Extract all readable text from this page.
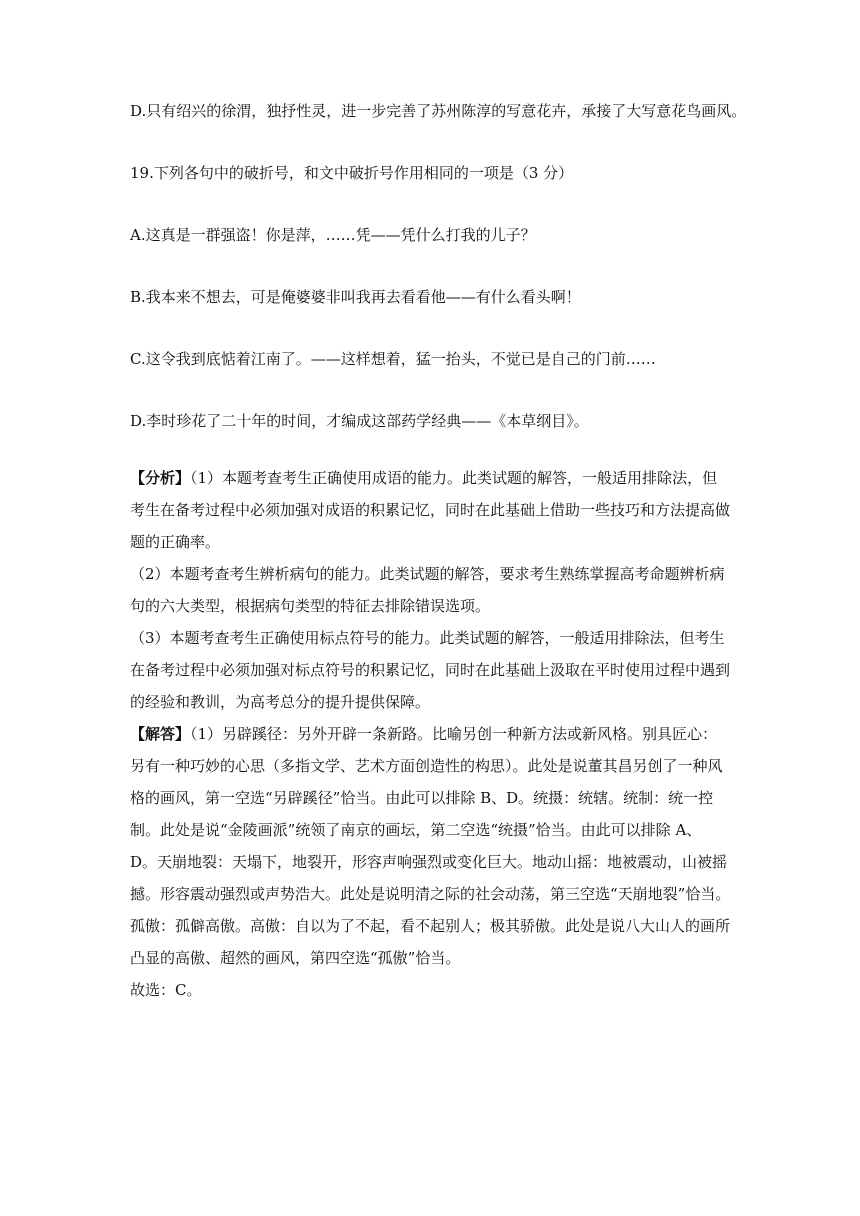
D.只有绍兴的徐渭，独抒性灵，进一步完善了苏州陈淳的写意花卉，承接了大写意花鸟画风。
19.下列各句中的破折号，和文中破折号作用相同的一项是（3 分）
A.这真是一群强盗！你是萍，……凭——凭什么打我的儿子？
B.我本来不想去，可是俺婆婆非叫我再去看看他——有什么看头啊！
C.这令我到底惦着江南了。——这样想着，猛一抬头，不觉已是自己的门前……
D.李时珍花了二十年的时间，才编成这部药学经典——《本草纲目》。
【分析】（1）本题考查考生正确使用成语的能力。此类试题的解答，一般适用排除法，但
考生在备考过程中必须加强对成语的积累记忆，同时在此基础上借助一些技巧和方法提高做
题的正确率。
（2）本题考查考生辨析病句的能力。此类试题的解答，要求考生熟练掌握高考命题辨析病
句的六大类型，根据病句类型的特征去排除错误选项。
（3）本题考查考生正确使用标点符号的能力。此类试题的解答，一般适用排除法，但考生
在备考过程中必须加强对标点符号的积累记忆，同时在此基础上汲取在平时使用过程中遇到
的经验和教训，为高考总分的提升提供保障。
【解答】（1）另辟蹊径：另外开辟一条新路。比喻另创一种新方法或新风格。别具匠心：
另有一种巧妙的心思（多指文学、艺术方面创造性的构思）。此处是说董其昌另创了一种风
格的画风，第一空选“另辟蹊径”恰当。由此可以排除 B、D。统摄：统辖。统制：统一控
制。此处是说“金陵画派”统领了南京的画坛，第二空选“统摄”恰当。由此可以排除 A、
D。天崩地裂：天塌下，地裂开，形容声响强烈或变化巨大。地动山摇：地被震动，山被摇
撼。形容震动强烈或声势浩大。此处是说明清之际的社会动荡，第三空选“天崩地裂”恰当。
孤傲：孤僻高傲。高傲：自以为了不起，看不起别人；极其骄傲。此处是说八大山人的画所
凸显的高傲、超然的画风，第四空选“孤傲”恰当。
故选：C。
